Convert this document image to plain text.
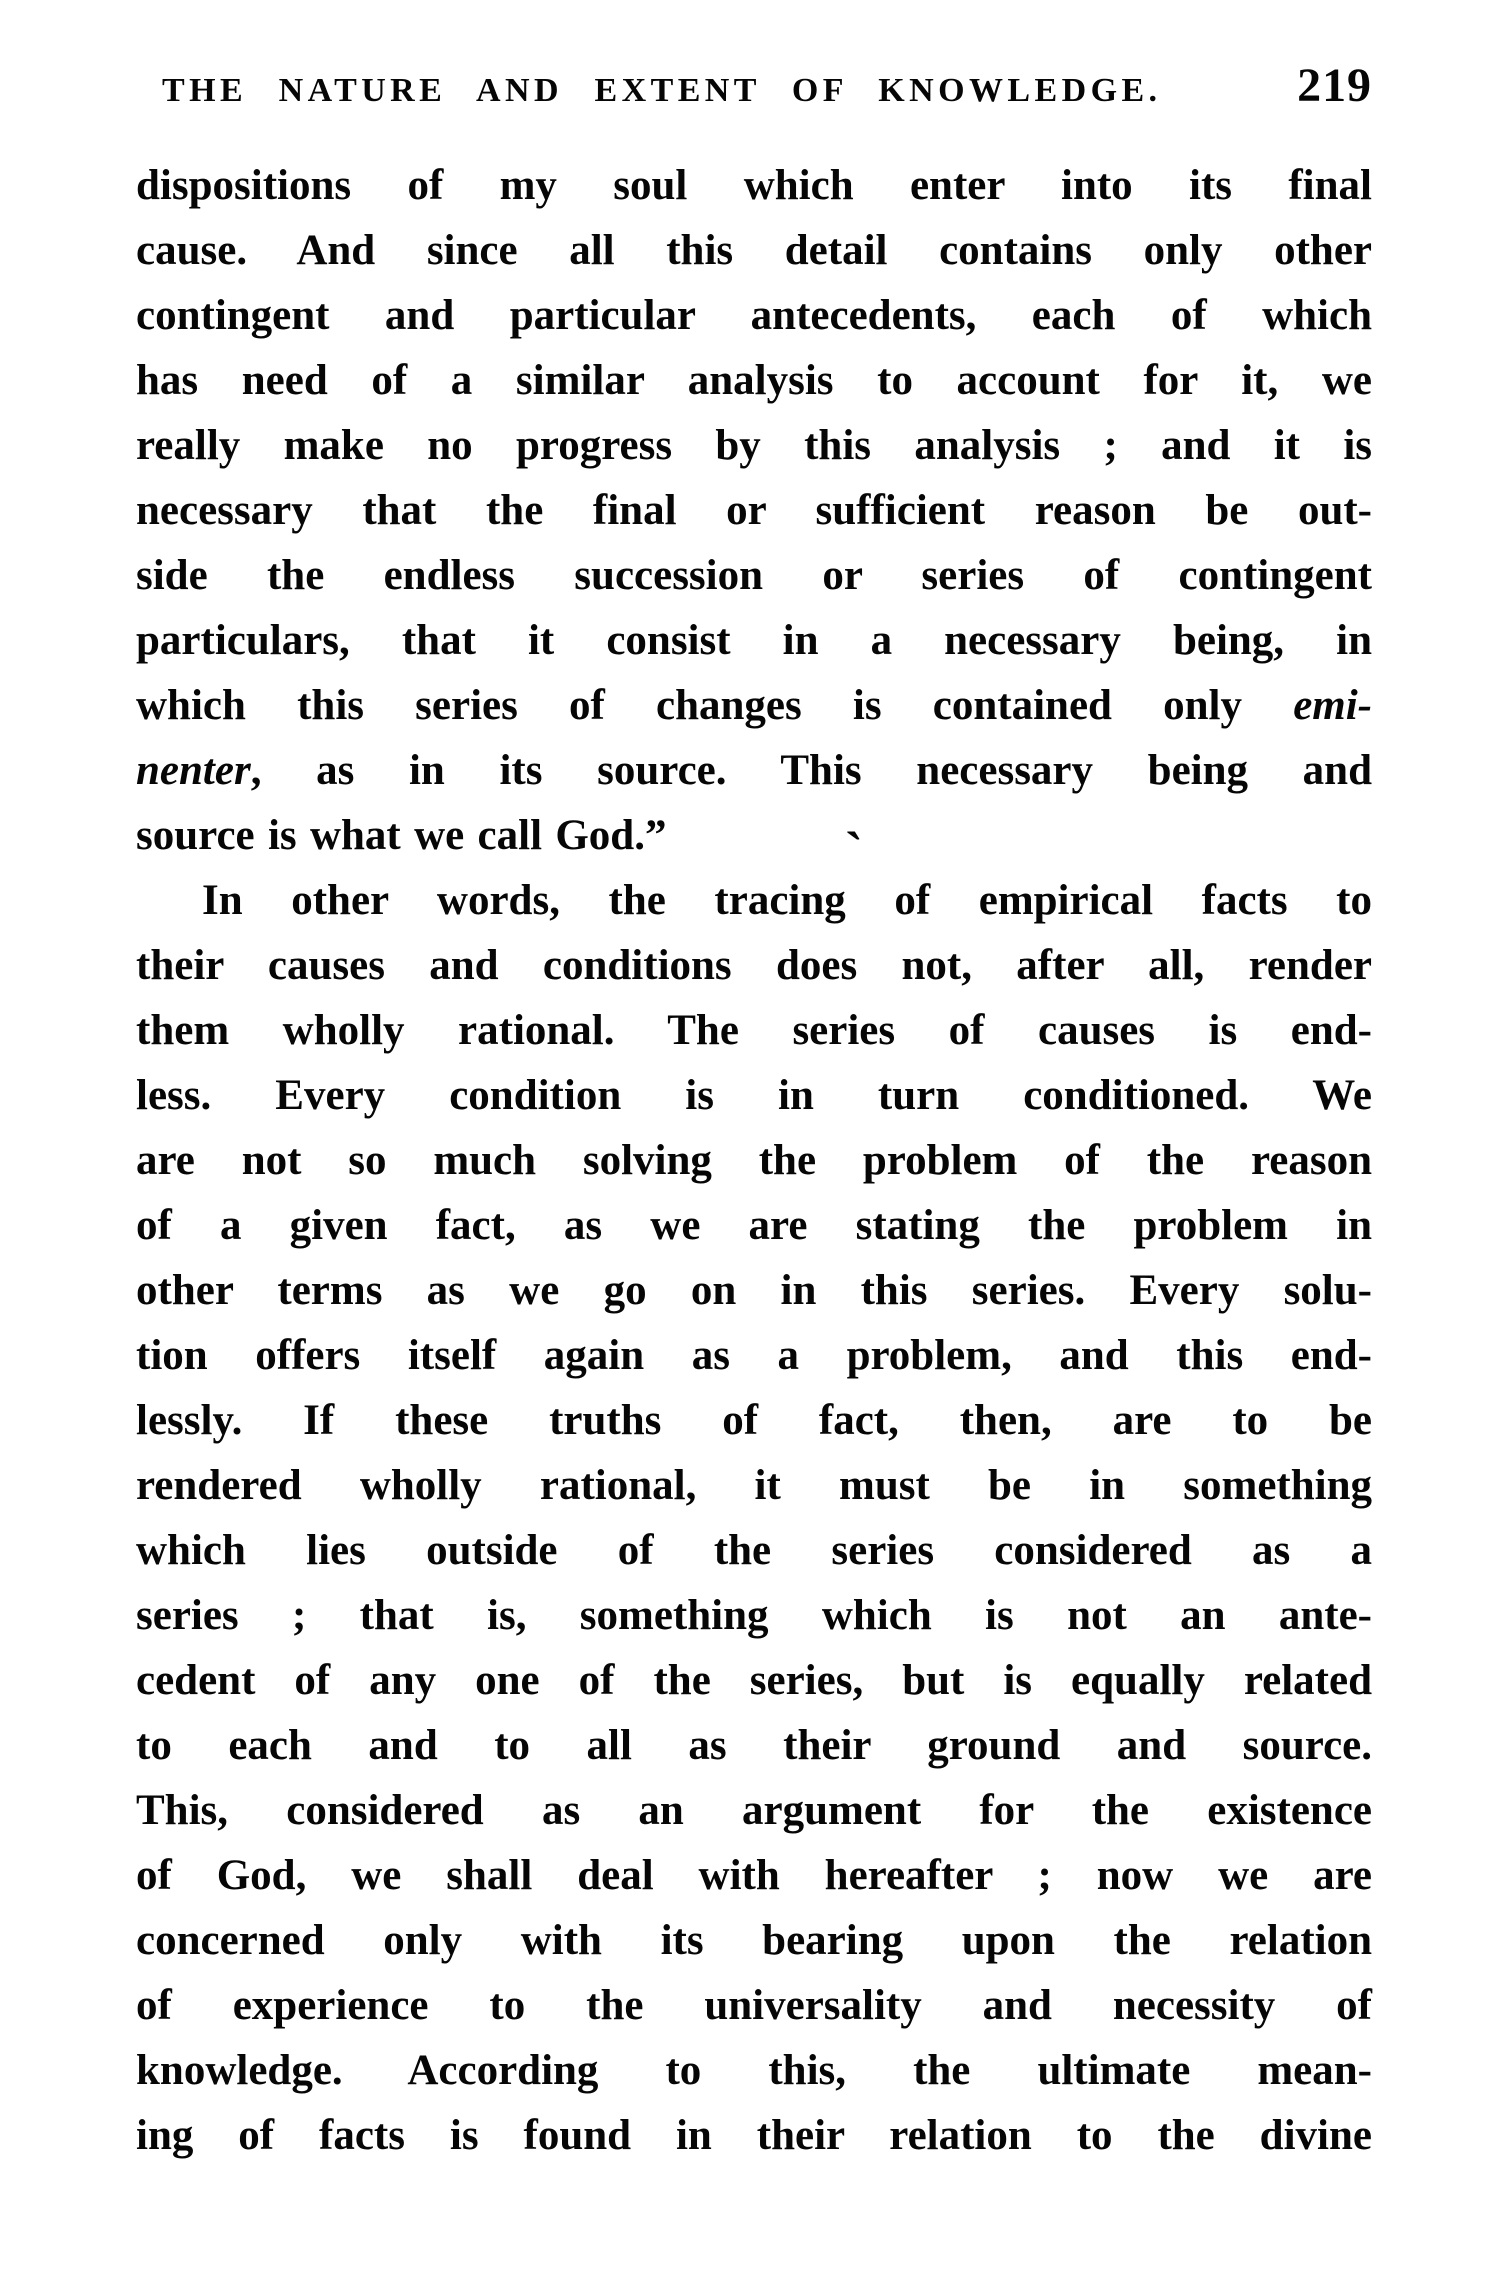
THE NATURE AND EXTENT OF KNOWLEDGE.	219
dispositions of my soul which enter into its final
cause. And since all this detail contains only other
contingent and particular antecedents, each of which
has need of a similar analysis to account for it, we
really make no progress by this analysis ; and it is
necessary that the final or sufficient reason be out-
side the endless succession or series of contingent
particulars, that it consist in a necessary being, in
which this series of changes is contained only emi-
nenter, as in its source. This necessary being and
source is what we call God.”
In other words, the tracing of empirical facts to
their causes and conditions does not, after all, render
them wholly rational. The series of causes is end-
less. Every condition is in turn conditioned. We
are not so much solving the problem of the reason
of a given fact, as we are stating the problem in
other terms as we go on in this series. Every solu-
tion offers itself again as a problem, and this end-
lessly. If these truths of fact, then, are to be
rendered wholly rational, it must be in something
which lies outside of the series considered as a
series ; that is, something which is not an ante-
cedent of any one of the series, but is equally related
to each and to all as their ground and source.
This, considered as an argument for the existence
of God, we shall deal with hereafter ; now we are
concerned only with its bearing upon the relation
of experience to the universality and necessity of
knowledge. According to this, the ultimate mean-
ing of facts is found in their relation to the divine
`
